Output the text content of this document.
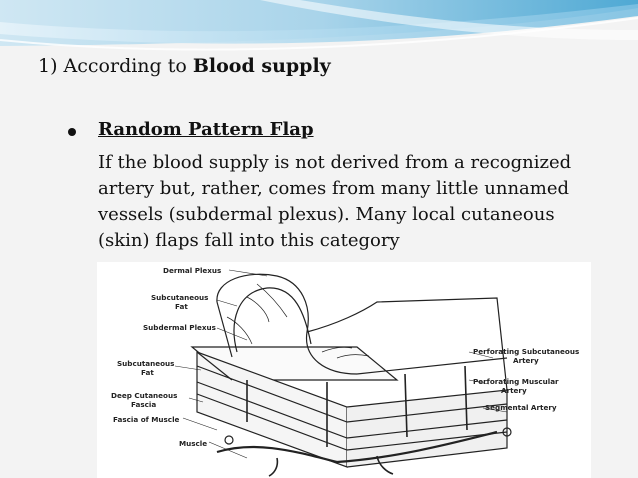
1) According to Blood supply
Random Pattern Flap
If the blood supply is not derived from a recognized artery but, rather, comes from many little unnamed vessels (subdermal plexus). Many local cutaneous (skin) flaps fall into this category
Dermal Plexus
Subcutaneous
Fat
Subdermal Plexus
Subcutaneous
Fat
Deep Cutaneous
Fascia
Fascia of Muscle
Muscle
Perforating Subcutaneous
Artery
Perforating Muscular
Artery
Segmental Artery
